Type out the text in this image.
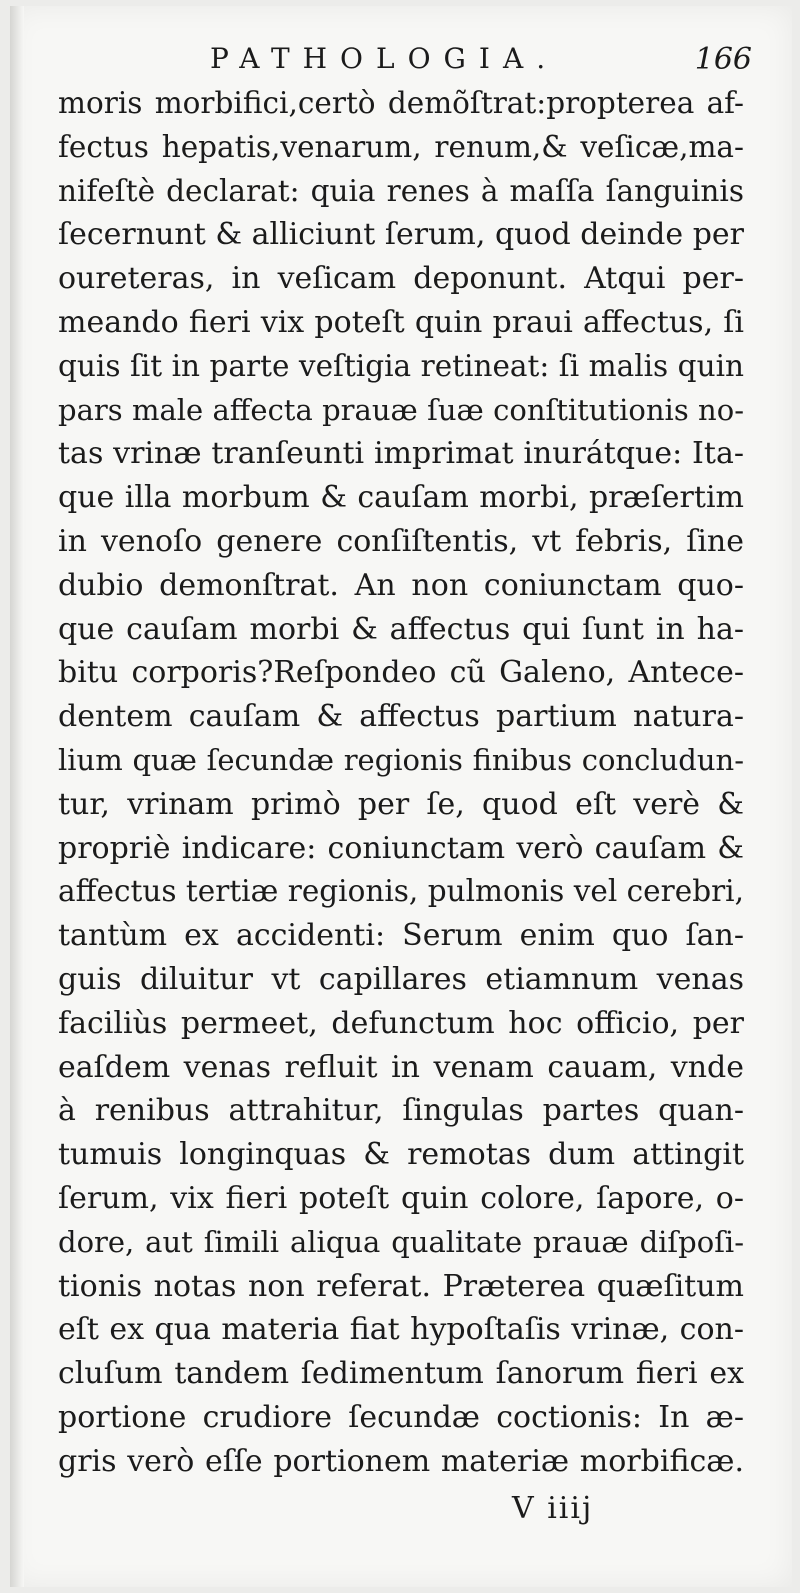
PATHOLOGIA.	166
moris morbifici,certò demõſtrat:propterea af-
fectus hepatis,venarum, renum,& veſicæ,ma-
nifeſtè declarat: quia renes à maſſa ſanguinis
ſecernunt & alliciunt ſerum, quod deinde per
oureteras, in veſicam deponunt. Atqui per-
meando fieri vix poteſt quin praui affectus, ſi
quis ſit in parte veſtigia retineat: ſi malis quin
pars male affecta prauæ ſuæ conſtitutionis no-
tas vrinæ tranſeunti imprimat inurátque: Ita-
que illa morbum & cauſam morbi, præſertim
in venoſo genere conſiſtentis, vt febris, ſine
dubio demonſtrat. An non coniunctam quo-
que cauſam morbi & affectus qui ſunt in ha-
bitu corporis?Reſpondeo cũ Galeno, Antece-
dentem cauſam & affectus partium natura-
lium quæ ſecundæ regionis finibus concludun-
tur, vrinam primò per ſe, quod eſt verè &
propriè indicare: coniunctam verò cauſam &
affectus tertiæ regionis, pulmonis vel cerebri,
tantùm ex accidenti: Serum enim quo ſan-
guis diluitur vt capillares etiamnum venas
faciliùs permeet, defunctum hoc officio, per
eaſdem venas refluit in venam cauam, vnde
à renibus attrahitur, ſingulas partes quan-
tumuis longinquas & remotas dum attingit
ſerum, vix fieri poteſt quin colore, ſapore, o-
dore, aut ſimili aliqua qualitate prauæ diſpoſi-
tionis notas non referat. Præterea quæſitum
eſt ex qua materia fiat hypoſtaſis vrinæ, con-
cluſum tandem ſedimentum ſanorum fieri ex
portione crudiore ſecundæ coctionis: In æ-
gris verò eſſe portionem materiæ morbificæ.
V iiij
